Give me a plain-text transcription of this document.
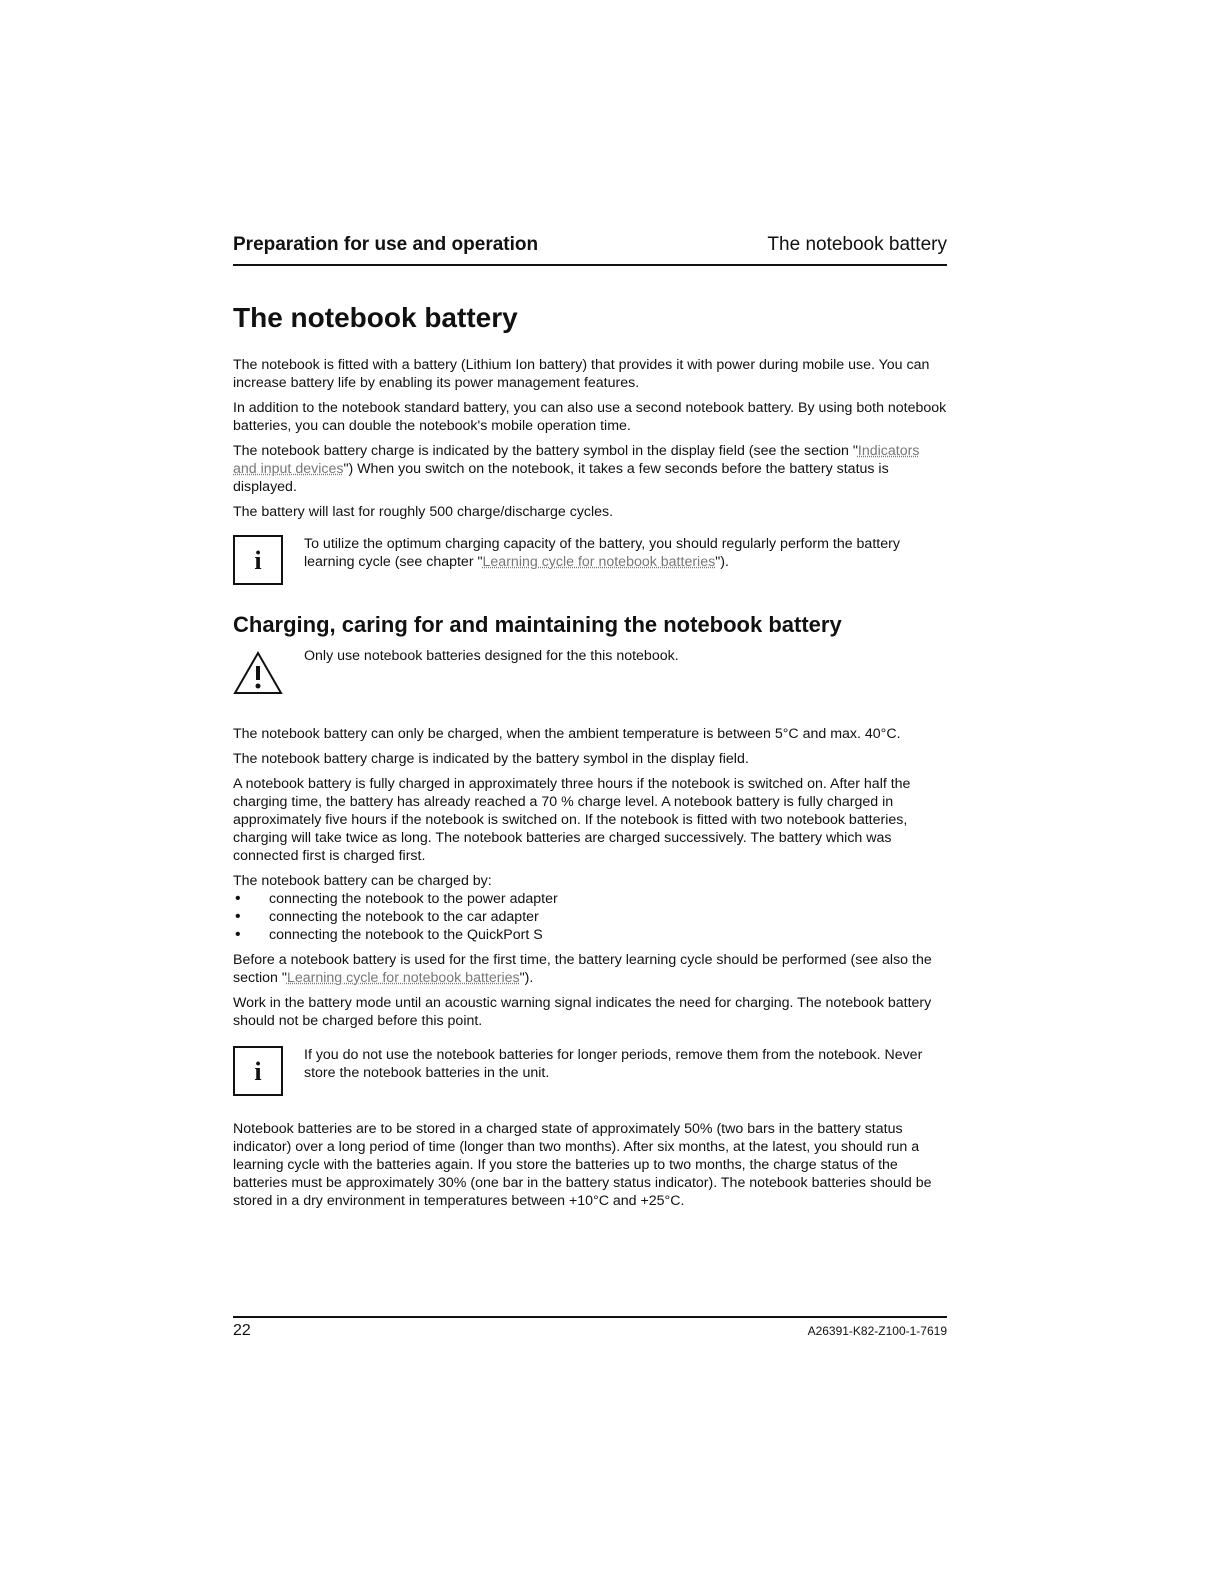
Preparation for use and operation	The notebook battery
The notebook battery

The notebook is fitted with a battery (Lithium Ion battery) that provides it with power during mobile use. You can increase battery life by enabling its power management features.

In addition to the notebook standard battery, you can also use a second notebook battery. By using both notebook batteries, you can double the notebook's mobile operation time.

The notebook battery charge is indicated by the battery symbol in the display field (see the section "Indicators and input devices") When you switch on the notebook, it takes a few seconds before the battery status is displayed.

The battery will last for roughly 500 charge/discharge cycles.

i

To utilize the optimum charging capacity of the battery, you should regularly perform the battery learning cycle (see chapter "Learning cycle for notebook batteries").

Charging, caring for and maintaining the notebook battery

Only use notebook batteries designed for the this notebook.

The notebook battery can only be charged, when the ambient temperature is between 5°C and max. 40°C.

The notebook battery charge is indicated by the battery symbol in the display field.

A notebook battery is fully charged in approximately three hours if the notebook is switched on. After half the charging time, the battery has already reached a 70 % charge level. A notebook battery is fully charged in approximately five hours if the notebook is switched on. If the notebook is fitted with two notebook batteries, charging will take twice as long. The notebook batteries are charged successively. The battery which was connected first is charged first.

The notebook battery can be charged by:

• connecting the notebook to the power adapter
• connecting the notebook to the car adapter
• connecting the notebook to the QuickPort S

Before a notebook battery is used for the first time, the battery learning cycle should be performed (see also the section "Learning cycle for notebook batteries").

Work in the battery mode until an acoustic warning signal indicates the need for charging. The notebook battery should not be charged before this point.

i

If you do not use the notebook batteries for longer periods, remove them from the notebook. Never store the notebook batteries in the unit.

Notebook batteries are to be stored in a charged state of approximately 50% (two bars in the battery status indicator) over a long period of time (longer than two months). After six months, at the latest, you should run a learning cycle with the batteries again. If you store the batteries up to two months, the charge status of the batteries must be approximately 30% (one bar in the battery status indicator). The notebook batteries should be stored in a dry environment in temperatures between +10°C and +25°C.

22	A26391-K82-Z100-1-7619
